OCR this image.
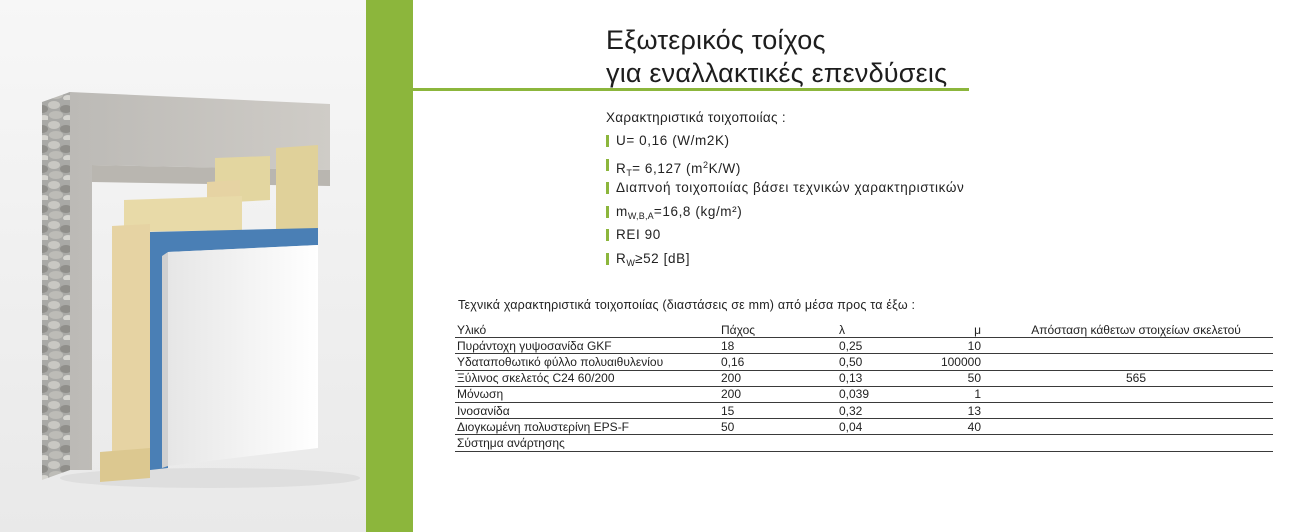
Εξωτερικός τοίχος
για εναλλακτικές επενδύσεις
Χαρακτηριστικά τοιχοποιίας :
U= 0,16 (W/m2K)
$R_T= 6,127$ $(m^2K/W)$
Διαπνοή τοιχοποιίας βάσει τεχνικών χαρακτηριστικών
$m_{W,B,A}=16,8$ (kg/m²)
REI 90
$R_W\ge 52$ [dB]
Τεχνικά χαρακτηριστικά τοιχοποιίας (διαστάσεις σε mm) από μέσα προς τα έξω :
Υλικό	Πάχος	λ	μ	Απόσταση κάθετων στοιχείων σκελετού
Πυράντοχη γυψοσανίδα GKF	18	0,25	10	
Υδαταποθωτικό φύλλο πολυαιθυλενίου	0,16	0,50	100000	
Ξύλινος σκελετός C24 60/200	200	0,13	50	565
Μόνωση	200	0,039	1	
Ινοσανίδα	15	0,32	13	
Διογκωμένη πολυστερίνη EPS-F	50	0,04	40	
Σύστημα ανάρτησης				
